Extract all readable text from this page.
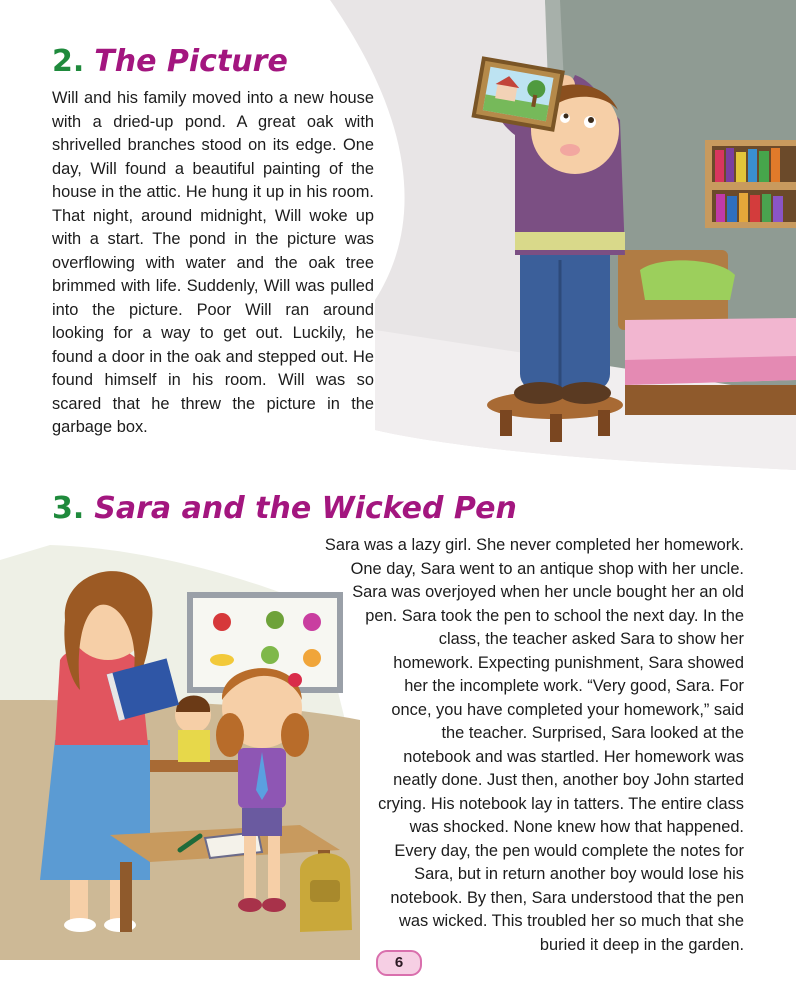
2. The Picture

Will and his family moved into a new house with a dried-up pond. A great oak with shrivelled branches stood on its edge. One day, Will found a beautiful painting of the house in the attic. He hung it up in his room. That night, around midnight, Will woke up with a start. The pond in the picture was overflowing with water and the oak tree brimmed with life. Suddenly, Will was pulled into the picture. Poor Will ran around looking for a way to get out. Luckily, he found a door in the oak and stepped out. He found himself in his room. Will was so scared that he threw the picture in the garbage box.

3. Sara and the Wicked Pen
Sara was a lazy girl. She never completed her homework. One day, Sara went to an antique shop with her uncle. Sara was overjoyed when her uncle bought her an old pen. Sara took the pen to school the next day. In the class, the teacher asked Sara to show her homework. Expecting punishment, Sara showed her the incomplete work. “Very good, Sara. For once, you have completed your homework,” said the teacher. Surprised, Sara looked at the notebook and was startled. Her homework was neatly done. Just then, another boy John started crying. His notebook lay in tatters. The entire class was shocked. None knew how that happened. Every day, the pen would complete the notes for Sara, but in return another boy would lose his notebook. By then, Sara understood that the pen was wicked. This troubled her so much that she buried it deep in the garden.
6
